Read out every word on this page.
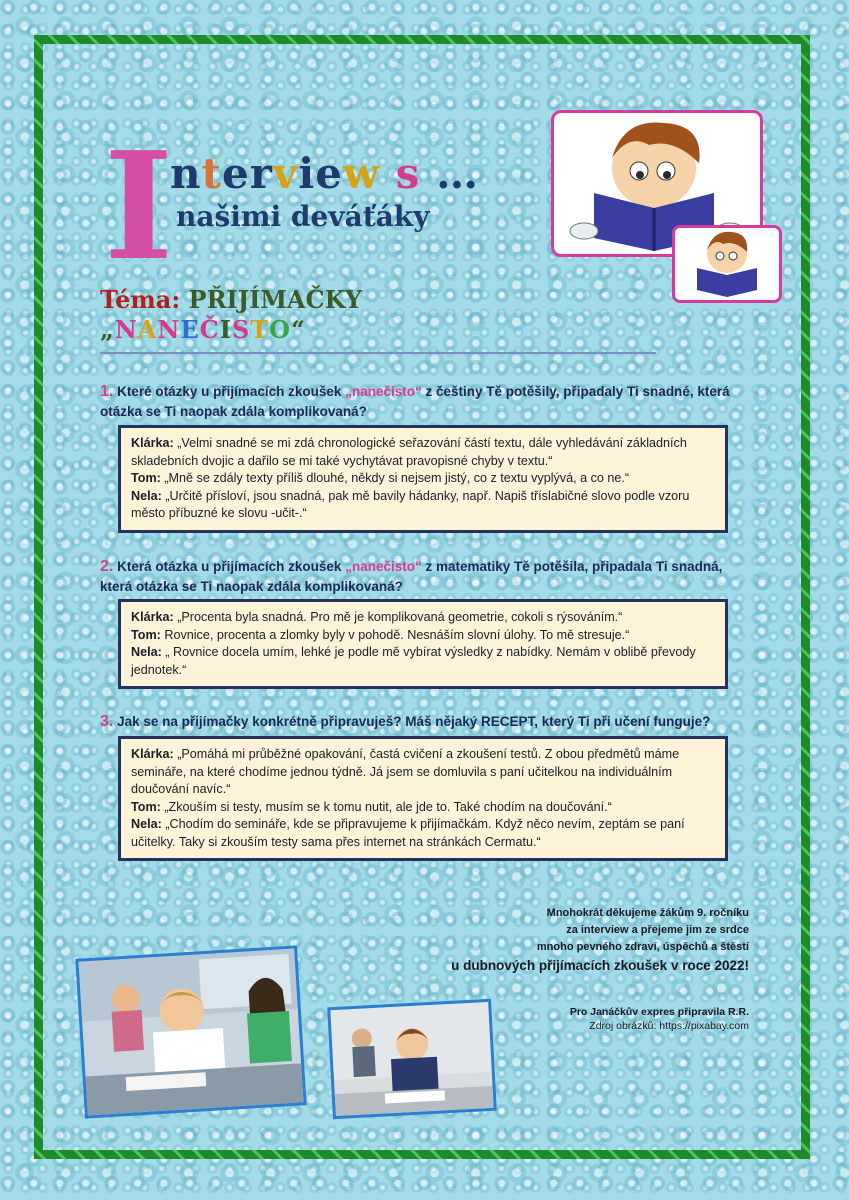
I
nterview s …
našimi deváťáky
Téma: PŘIJÍMAČKY
„NANEČISTO“
1. Které otázky u přijímacích zkoušek „nanečisto“ z češtiny Tě potěšily, připadaly Ti snadné, která otázka se Ti naopak zdála komplikovaná?

Klárka: „Velmi snadné se mi zdá chronologické seřazování částí textu, dále vyhledávání základních skladebních dvojic a dařilo se mi také vychytávat pravopisné chyby v textu.“

Tom: „Mně se zdály texty příliš dlouhé, někdy si nejsem jistý, co z textu vyplývá, a co ne.“

Nela: „Určitě přísloví, jsou snadná, pak mě bavily hádanky, např. Napiš tříslabičné slovo podle vzoru město příbuzné ke slovu -učit-.“

2. Která otázka u přijímacích zkoušek „nanečisto“ z matematiky Tě potěšila, připadala Ti snadná, která otázka se Ti naopak zdála komplikovaná?

Klárka: „Procenta byla snadná. Pro mě je komplikovaná geometrie, cokoli s rýsováním.“

Tom: Rovnice, procenta a zlomky byly v pohodě. Nesnáším slovní úlohy. To mě stresuje.“

Nela: „ Rovnice docela umím, lehké je podle mě vybírat výsledky z nabídky. Nemám v oblibě převody jednotek.“

3. Jak se na přijímačky konkrétně připravuješ? Máš nějaký RECEPT, který Ti při učení funguje?

Klárka: „Pomáhá mi průběžné opakování, častá cvičení a zkoušení testů. Z obou předmětů máme semináře, na které chodíme jednou týdně. Já jsem se domluvila s paní učitelkou na individuálním doučování navíc.“

Tom: „Zkouším si testy, musím se k tomu nutit, ale jde to. Také chodím na doučování.“

Nela: „Chodím do semináře, kde se připravujeme k přijímačkám. Když něco nevím, zeptám se paní učitelky. Taky si zkouším testy sama přes internet na stránkách Cermatu.“

Mnohokrát děkujeme žákům 9. ročníku
za interview a přejeme jim ze srdce
mnoho pevného zdraví, úspěchů a štěstí
u dubnových přijímacích zkoušek v roce 2022!
Pro Janáčkův expres připravila R.R.
Zdroj obrázků: https://pixabay.com
